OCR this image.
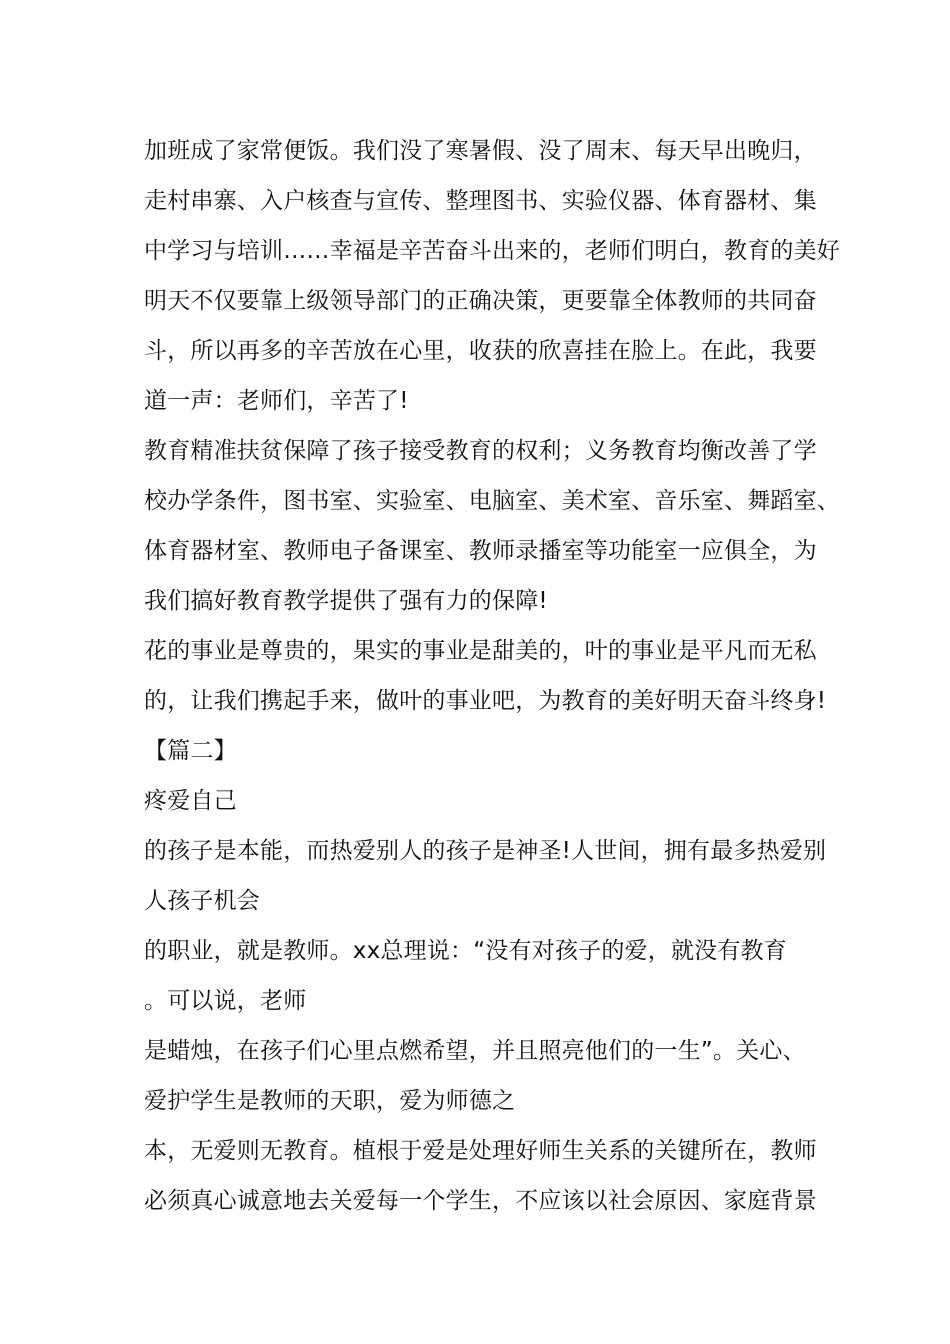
加班成了家常便饭。我们没了寒暑假、没了周末、每天早出晚归，
走村串寨、入户核查与宣传、整理图书、实验仪器、体育器材、集
中学习与培训……幸福是辛苦奋斗出来的，老师们明白，教育的美好
明天不仅要靠上级领导部门的正确决策，更要靠全体教师的共同奋
斗，所以再多的辛苦放在心里，收获的欣喜挂在脸上。在此，我要
道一声：老师们，辛苦了!
教育精准扶贫保障了孩子接受教育的权利；义务教育均衡改善了学
校办学条件，图书室、实验室、电脑室、美术室、音乐室、舞蹈室、
体育器材室、教师电子备课室、教师录播室等功能室一应俱全，为
我们搞好教育教学提供了强有力的保障!
花的事业是尊贵的，果实的事业是甜美的，叶的事业是平凡而无私
的，让我们携起手来，做叶的事业吧，为教育的美好明天奋斗终身!
【篇二】
疼爱自己
的孩子是本能，而热爱别人的孩子是神圣!人世间，拥有最多热爱别
人孩子机会
的职业，就是教师。xx总理说：“没有对孩子的爱，就没有教育
。可以说，老师
是蜡烛，在孩子们心里点燃希望，并且照亮他们的一生”。关心、
爱护学生是教师的天职，爱为师德之
本，无爱则无教育。植根于爱是处理好师生关系的关键所在，教师
必须真心诚意地去关爱每一个学生，不应该以社会原因、家庭背景
